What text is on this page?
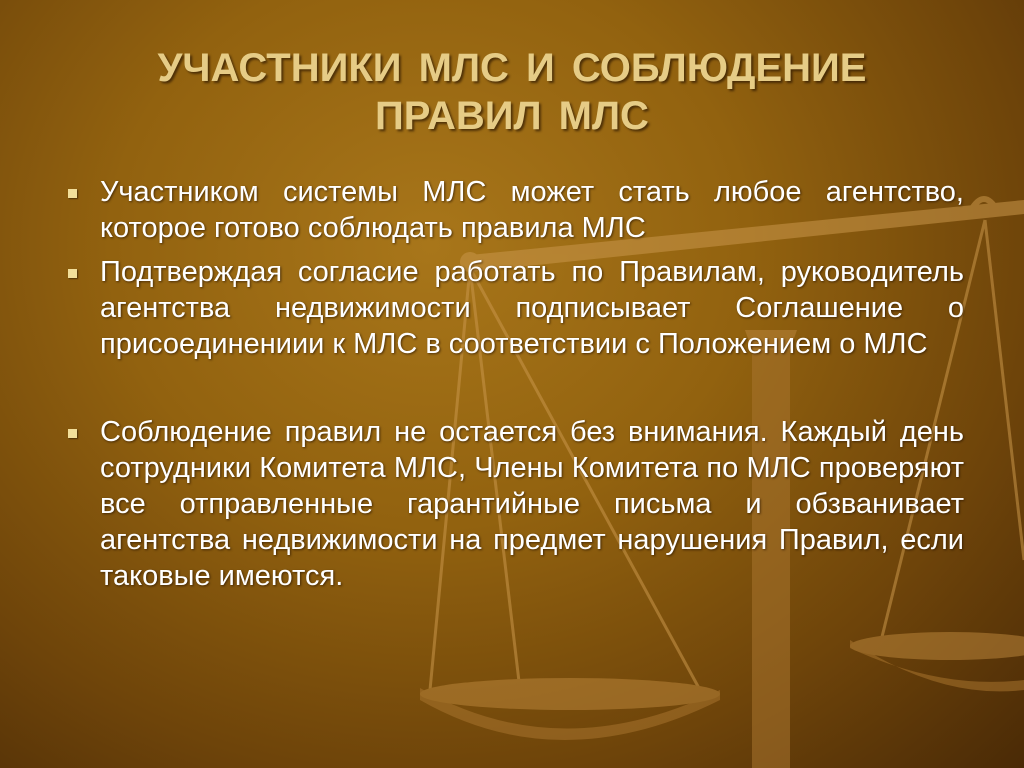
УЧАСТНИКИ МЛС И СОБЛЮДЕНИЕ
ПРАВИЛ МЛС
Участником системы МЛС может стать любое агентство, которое готово соблюдать правила МЛС
Подтверждая согласие работать по Правилам, руководитель агентства недвижимости подписывает Соглашение о присоединениии к МЛС в соответствии с Положением о МЛС
Соблюдение правил не остается без внимания. Каждый день сотрудники Комитета МЛС, Члены Комитета по МЛС проверяют все отправленные гарантийные письма и обзванивает агентства недвижимости на предмет нарушения Правил, если таковые имеются.
